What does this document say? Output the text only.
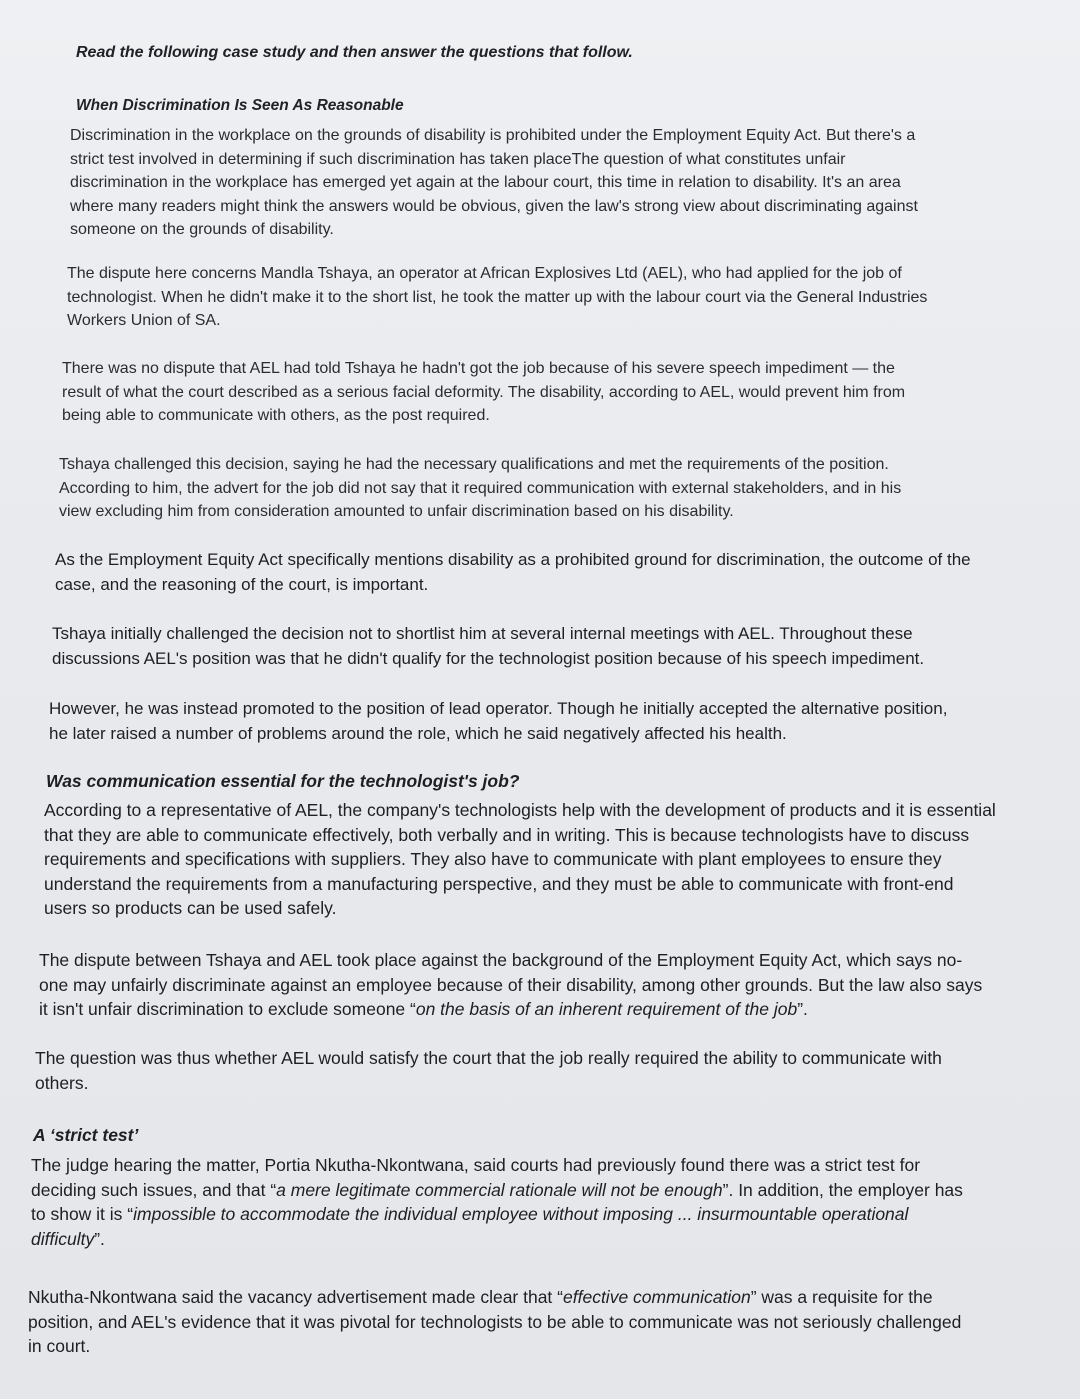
Read the following case study and then answer the questions that follow.
When Discrimination Is Seen As Reasonable
Discrimination in the workplace on the grounds of disability is prohibited under the Employment Equity Act. But there's a
strict test involved in determining if such discrimination has taken placeThe question of what constitutes unfair
discrimination in the workplace has emerged yet again at the labour court, this time in relation to disability. It's an area
where many readers might think the answers would be obvious, given the law's strong view about discriminating against
someone on the grounds of disability.
The dispute here concerns Mandla Tshaya, an operator at African Explosives Ltd (AEL), who had applied for the job of
technologist. When he didn't make it to the short list, he took the matter up with the labour court via the General Industries
Workers Union of SA.
There was no dispute that AEL had told Tshaya he hadn't got the job because of his severe speech impediment — the
result of what the court described as a serious facial deformity. The disability, according to AEL, would prevent him from
being able to communicate with others, as the post required.
Tshaya challenged this decision, saying he had the necessary qualifications and met the requirements of the position.
According to him, the advert for the job did not say that it required communication with external stakeholders, and in his
view excluding him from consideration amounted to unfair discrimination based on his disability.
As the Employment Equity Act specifically mentions disability as a prohibited ground for discrimination, the outcome of the
case, and the reasoning of the court, is important.
Tshaya initially challenged the decision not to shortlist him at several internal meetings with AEL. Throughout these
discussions AEL's position was that he didn't qualify for the technologist position because of his speech impediment.
However, he was instead promoted to the position of lead operator. Though he initially accepted the alternative position,
he later raised a number of problems around the role, which he said negatively affected his health.
Was communication essential for the technologist's job?
According to a representative of AEL, the company's technologists help with the development of products and it is essential
that they are able to communicate effectively, both verbally and in writing. This is because technologists have to discuss
requirements and specifications with suppliers. They also have to communicate with plant employees to ensure they
understand the requirements from a manufacturing perspective, and they must be able to communicate with front-end
users so products can be used safely.
The dispute between Tshaya and AEL took place against the background of the Employment Equity Act, which says no-
one may unfairly discriminate against an employee because of their disability, among other grounds. But the law also says
it isn't unfair discrimination to exclude someone “on the basis of an inherent requirement of the job”.
The question was thus whether AEL would satisfy the court that the job really required the ability to communicate with
others.
A ‘strict test’
The judge hearing the matter, Portia Nkutha-Nkontwana, said courts had previously found there was a strict test for
deciding such issues, and that “a mere legitimate commercial rationale will not be enough”. In addition, the employer has
to show it is “impossible to accommodate the individual employee without imposing ... insurmountable operational
difficulty”.
Nkutha-Nkontwana said the vacancy advertisement made clear that “effective communication” was a requisite for the
position, and AEL's evidence that it was pivotal for technologists to be able to communicate was not seriously challenged
in court.
